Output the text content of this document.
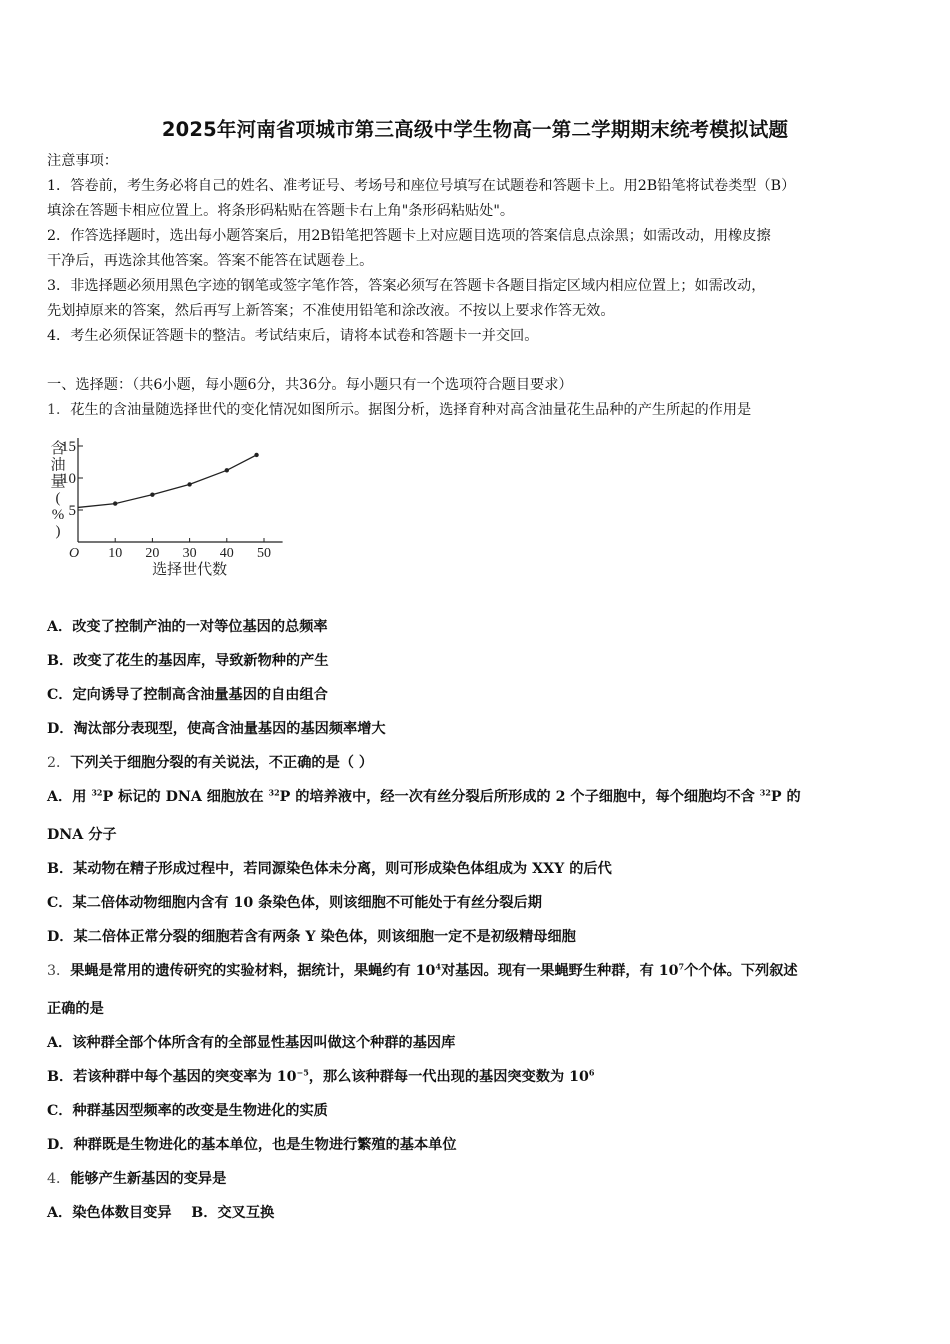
2025年河南省项城市第三高级中学生物高一第二学期期末统考模拟试题
注意事项：
1．答卷前，考生务必将自己的姓名、准考证号、考场号和座位号填写在试题卷和答题卡上。用2B铅笔将试卷类型（B）
填涂在答题卡相应位置上。将条形码粘贴在答题卡右上角"条形码粘贴处"。
2．作答选择题时，选出每小题答案后，用2B铅笔把答题卡上对应题目选项的答案信息点涂黑；如需改动，用橡皮擦
干净后，再选涂其他答案。答案不能答在试题卷上。
3．非选择题必须用黑色字迹的钢笔或签字笔作答，答案必须写在答题卡各题目指定区域内相应位置上；如需改动，
先划掉原来的答案，然后再写上新答案；不准使用铅笔和涂改液。不按以上要求作答无效。
4．考生必须保证答题卡的整洁。考试结束后，请将本试卷和答题卡一并交回。
一、选择题：（共6小题，每小题6分，共36分。每小题只有一个选项符合题目要求）
1．花生的含油量随选择世代的变化情况如图所示。据图分析，选择育种对高含油量花生品种的产生所起的作用是
5
10
15
10 20 30 40 50
O
含
油
量
(
%
)
选择世代数
A．改变了控制产油的一对等位基因的总频率
B．改变了花生的基因库，导致新物种的产生
C．定向诱导了控制高含油量基因的自由组合
D．淘汰部分表现型，使高含油量基因的基因频率增大
2．下列关于细胞分裂的有关说法，不正确的是（ ）
A．用 $^{32}$P 标记的 DNA 细胞放在 $^{32}$P 的培养液中，经一次有丝分裂后所形成的 2 个子细胞中，每个细胞均不含 $^{32}$P 的
DNA 分子
B．某动物在精子形成过程中，若同源染色体未分离，则可形成染色体组成为 XXY 的后代
C．某二倍体动物细胞内含有 10 条染色体，则该细胞不可能处于有丝分裂后期
D．某二倍体正常分裂的细胞若含有两条 Y 染色体，则该细胞一定不是初级精母细胞
3．果蝇是常用的遗传研究的实验材料，据统计，果蝇约有 $10^4$对基因。现有一果蝇野生种群，有 $10^7$个个体。下列叙述
正确的是
A．该种群全部个体所含有的全部显性基因叫做这个种群的基因库
B．若该种群中每个基因的突变率为 $10^{-5}$，那么该种群每一代出现的基因突变数为 $10^6$
C．种群基因型频率的改变是生物进化的实质
D．种群既是生物进化的基本单位，也是生物进行繁殖的基本单位
4．能够产生新基因的变异是
A．染色体数目变异    B．交叉互换
